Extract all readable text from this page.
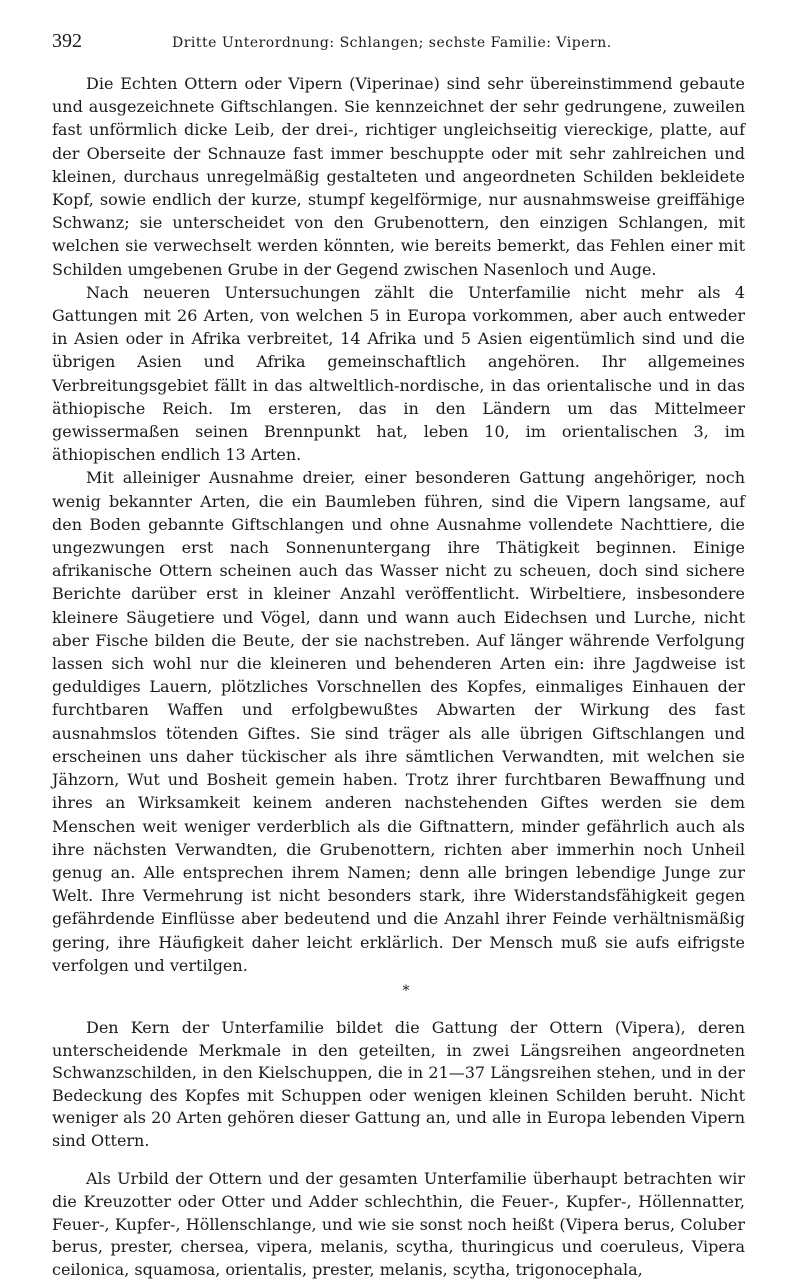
392	Dritte Unterordnung: Schlangen; sechste Familie: Vipern.

Die Echten Ottern oder Vipern (Viperinae) sind sehr übereinstimmend gebaute und ausgezeichnete Giftschlangen. Sie kennzeichnet der sehr gedrungene, zuweilen fast unförmlich dicke Leib, der drei-, richtiger ungleichseitig viereckige, platte, auf der Oberseite der Schnauze fast immer beschuppte oder mit sehr zahlreichen und kleinen, durchaus unregelmäßig gestalteten und angeordneten Schilden bekleidete Kopf, sowie endlich der kurze, stumpf kegelförmige, nur ausnahmsweise greiffähige Schwanz; sie unterscheidet von den Grubenottern, den einzigen Schlangen, mit welchen sie verwechselt werden könnten, wie bereits bemerkt, das Fehlen einer mit Schilden umgebenen Grube in der Gegend zwischen Nasenloch und Auge.

Nach neueren Untersuchungen zählt die Unterfamilie nicht mehr als 4 Gattungen mit 26 Arten, von welchen 5 in Europa vorkommen, aber auch entweder in Asien oder in Afrika verbreitet, 14 Afrika und 5 Asien eigentümlich sind und die übrigen Asien und Afrika gemeinschaftlich angehören. Ihr allgemeines Verbreitungsgebiet fällt in das altweltlich-nordische, in das orientalische und in das äthiopische Reich. Im ersteren, das in den Ländern um das Mittelmeer gewissermaßen seinen Brennpunkt hat, leben 10, im orientalischen 3, im äthiopischen endlich 13 Arten.

Mit alleiniger Ausnahme dreier, einer besonderen Gattung angehöriger, noch wenig bekannter Arten, die ein Baumleben führen, sind die Vipern langsame, auf den Boden gebannte Giftschlangen und ohne Ausnahme vollendete Nachttiere, die ungezwungen erst nach Sonnenuntergang ihre Thätigkeit beginnen. Einige afrikanische Ottern scheinen auch das Wasser nicht zu scheuen, doch sind sichere Berichte darüber erst in kleiner Anzahl veröffentlicht. Wirbeltiere, insbesondere kleinere Säugetiere und Vögel, dann und wann auch Eidechsen und Lurche, nicht aber Fische bilden die Beute, der sie nachstreben. Auf länger währende Verfolgung lassen sich wohl nur die kleineren und behenderen Arten ein: ihre Jagdweise ist geduldiges Lauern, plötzliches Vorschnellen des Kopfes, einmaliges Einhauen der furchtbaren Waffen und erfolgbewußtes Abwarten der Wirkung des fast ausnahmslos tötenden Giftes. Sie sind träger als alle übrigen Giftschlangen und erscheinen uns daher tückischer als ihre sämtlichen Verwandten, mit welchen sie Jähzorn, Wut und Bosheit gemein haben. Trotz ihrer furchtbaren Bewaffnung und ihres an Wirksamkeit keinem anderen nachstehenden Giftes werden sie dem Menschen weit weniger verderblich als die Giftnattern, minder gefährlich auch als ihre nächsten Verwandten, die Grubenottern, richten aber immerhin noch Unheil genug an. Alle entsprechen ihrem Namen; denn alle bringen lebendige Junge zur Welt. Ihre Vermehrung ist nicht besonders stark, ihre Widerstandsfähigkeit gegen gefährdende Einflüsse aber bedeutend und die Anzahl ihrer Feinde verhältnismäßig gering, ihre Häufigkeit daher leicht erklärlich. Der Mensch muß sie aufs eifrigste verfolgen und vertilgen.

*

Den Kern der Unterfamilie bildet die Gattung der Ottern (Vipera), deren unterscheidende Merkmale in den geteilten, in zwei Längsreihen angeordneten Schwanzschilden, in den Kielschuppen, die in 21—37 Längsreihen stehen, und in der Bedeckung des Kopfes mit Schuppen oder wenigen kleinen Schilden beruht. Nicht weniger als 20 Arten gehören dieser Gattung an, und alle in Europa lebenden Vipern sind Ottern.

Als Urbild der Ottern und der gesamten Unterfamilie überhaupt betrachten wir die Kreuzotter oder Otter und Adder schlechthin, die Feuer-, Kupfer-, Höllennatter, Feuer-, Kupfer-, Höllenschlange, und wie sie sonst noch heißt (Vipera berus, Coluber berus, prester, chersea, vipera, melanis, scytha, thuringicus und coeruleus, Vipera ceilonica, squamosa, orientalis, prester, melanis, scytha, trigonocephala,
